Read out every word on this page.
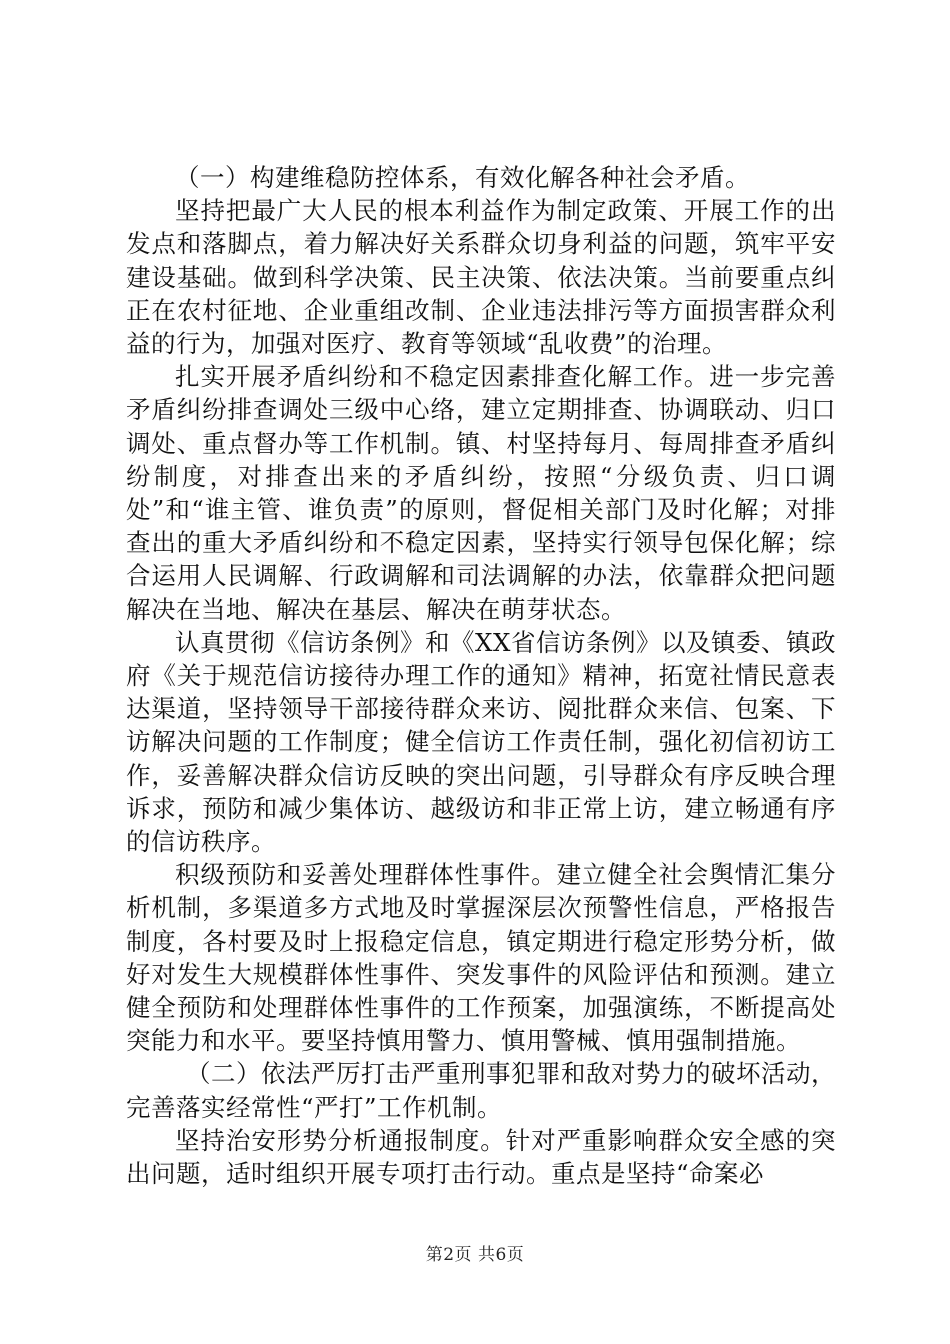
（一）构建维稳防控体系，有效化解各种社会矛盾。

坚持把最广大人民的根本利益作为制定政策、开展工作的出发点和落脚点，着力解决好关系群众切身利益的问题，筑牢平安建设基础。做到科学决策、民主决策、依法决策。当前要重点纠正在农村征地、企业重组改制、企业违法排污等方面损害群众利益的行为，加强对医疗、教育等领域“乱收费”的治理。

扎实开展矛盾纠纷和不稳定因素排查化解工作。进一步完善矛盾纠纷排查调处三级中心络，建立定期排查、协调联动、归口调处、重点督办等工作机制。镇、村坚持每月、每周排查矛盾纠纷制度，对排查出来的矛盾纠纷，按照“分级负责、归口调处”和“谁主管、谁负责”的原则，督促相关部门及时化解；对排查出的重大矛盾纠纷和不稳定因素，坚持实行领导包保化解；综合运用人民调解、行政调解和司法调解的办法，依靠群众把问题解决在当地、解决在基层、解决在萌芽状态。

认真贯彻《信访条例》和《XX省信访条例》以及镇委、镇政府《关于规范信访接待办理工作的通知》精神，拓宽社情民意表达渠道，坚持领导干部接待群众来访、阅批群众来信、包案、下访解决问题的工作制度；健全信访工作责任制，强化初信初访工作，妥善解决群众信访反映的突出问题，引导群众有序反映合理诉求，预防和减少集体访、越级访和非正常上访，建立畅通有序的信访秩序。

积级预防和妥善处理群体性事件。建立健全社会舆情汇集分析机制，多渠道多方式地及时掌握深层次预警性信息，严格报告制度，各村要及时上报稳定信息，镇定期进行稳定形势分析，做好对发生大规模群体性事件、突发事件的风险评估和预测。建立健全预防和处理群体性事件的工作预案，加强演练，不断提高处突能力和水平。要坚持慎用警力、慎用警械、慎用强制措施。

（二）依法严厉打击严重刑事犯罪和敌对势力的破坏活动，完善落实经常性“严打”工作机制。

坚持治安形势分析通报制度。针对严重影响群众安全感的突出问题，适时组织开展专项打击行动。重点是坚持“命案必

第2页 共6页
